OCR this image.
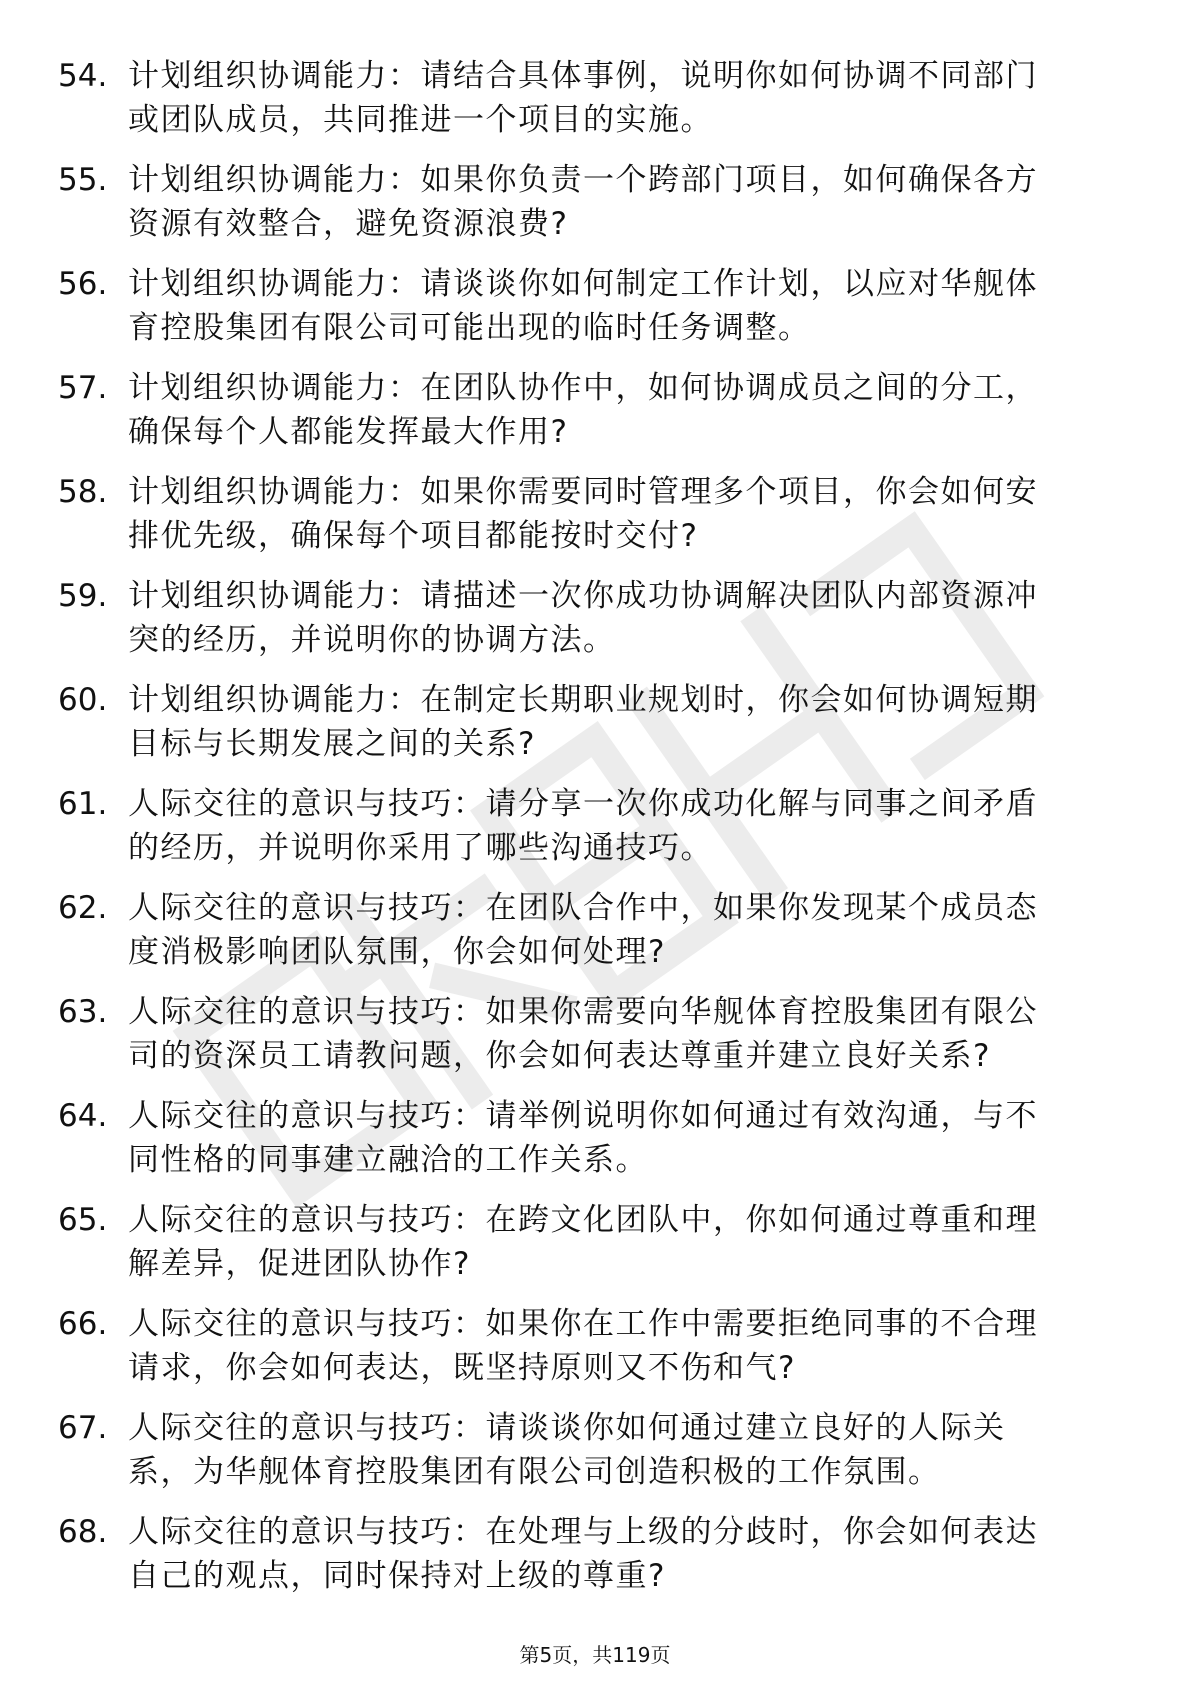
54. 计划组织协调能力：请结合具体事例，说明你如何协调不同部门
或团队成员，共同推进一个项目的实施。
55. 计划组织协调能力：如果你负责一个跨部门项目，如何确保各方
资源有效整合，避免资源浪费?
56. 计划组织协调能力：请谈谈你如何制定工作计划，以应对华舰体
育控股集团有限公司可能出现的临时任务调整。
57. 计划组织协调能力：在团队协作中，如何协调成员之间的分工，
确保每个人都能发挥最大作用?
58. 计划组织协调能力：如果你需要同时管理多个项目，你会如何安
排优先级，确保每个项目都能按时交付?
59. 计划组织协调能力：请描述一次你成功协调解决团队内部资源冲
突的经历，并说明你的协调方法。
60. 计划组织协调能力：在制定长期职业规划时，你会如何协调短期
目标与长期发展之间的关系?
61. 人际交往的意识与技巧：请分享一次你成功化解与同事之间矛盾
的经历，并说明你采用了哪些沟通技巧。
62. 人际交往的意识与技巧：在团队合作中，如果你发现某个成员态
度消极影响团队氛围，你会如何处理?
63. 人际交往的意识与技巧：如果你需要向华舰体育控股集团有限公
司的资深员工请教问题，你会如何表达尊重并建立良好关系?
64. 人际交往的意识与技巧：请举例说明你如何通过有效沟通，与不
同性格的同事建立融洽的工作关系。
65. 人际交往的意识与技巧：在跨文化团队中，你如何通过尊重和理
解差异，促进团队协作?
66. 人际交往的意识与技巧：如果你在工作中需要拒绝同事的不合理
请求，你会如何表达，既坚持原则又不伤和气?
67. 人际交往的意识与技巧：请谈谈你如何通过建立良好的人际关
系，为华舰体育控股集团有限公司创造积极的工作氛围。
68. 人际交往的意识与技巧：在处理与上级的分歧时，你会如何表达
自己的观点，同时保持对上级的尊重?
第5页，共119页
